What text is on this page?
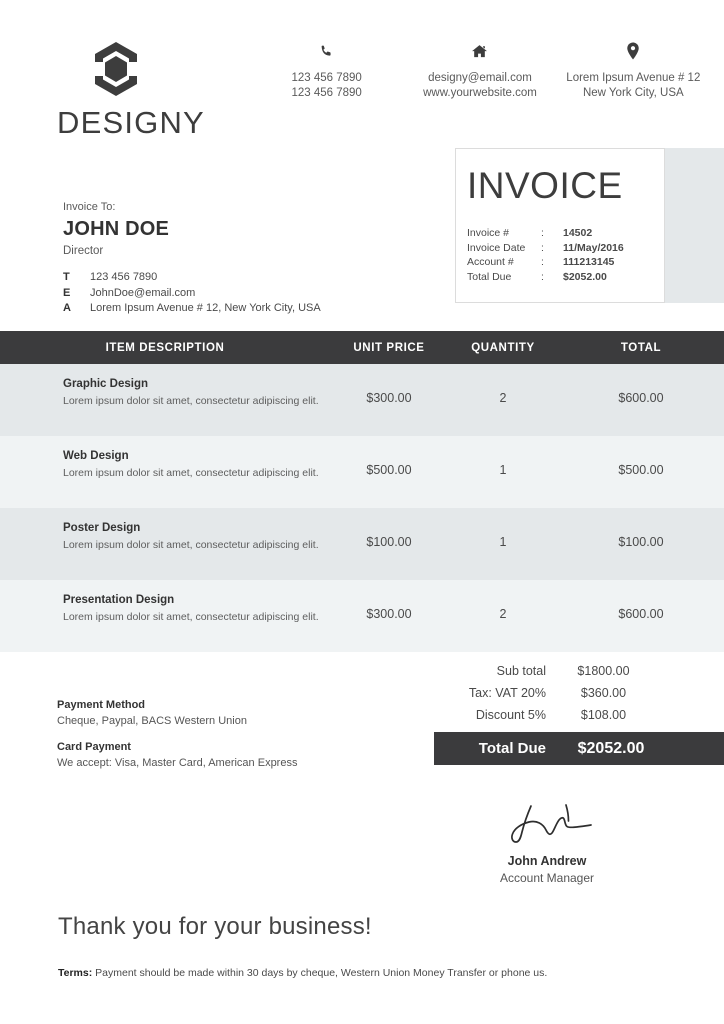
DESIGNY
123 456 7890
123 456 7890
designy@email.com
www.yourwebsite.com
Lorem Ipsum Avenue # 12
New York City, USA
INVOICE
Invoice #	:	14502
Invoice Date	:	11/May/2016
Account #	:	111213145
Total Due	:	$2052.00
Invoice To:
JOHN DOE
Director
T	123 456 7890
E	JohnDoe@email.com
A	Lorem Ipsum Avenue # 12, New York City, USA
ITEM DESCRIPTION	UNIT PRICE	QUANTITY	TOTAL
Graphic Design
Lorem ipsum dolor sit amet, consectetur adipiscing elit.	$300.00	2	$600.00
Web Design
Lorem ipsum dolor sit amet, consectetur adipiscing elit.	$500.00	1	$500.00
Poster Design
Lorem ipsum dolor sit amet, consectetur adipiscing elit.	$100.00	1	$100.00
Presentation Design
Lorem ipsum dolor sit amet, consectetur adipiscing elit.	$300.00	2	$600.00
Sub total	$1800.00
Tax: VAT 20%	$360.00
Discount 5%	$108.00
Total Due	$2052.00
Payment Method
Cheque, Paypal, BACS Western Union
Card Payment
We accept: Visa, Master Card, American Express
John Andrew
Account Manager
Thank you for your business!
Terms: Payment should be made within 30 days by cheque, Western Union Money Transfer or phone us.
